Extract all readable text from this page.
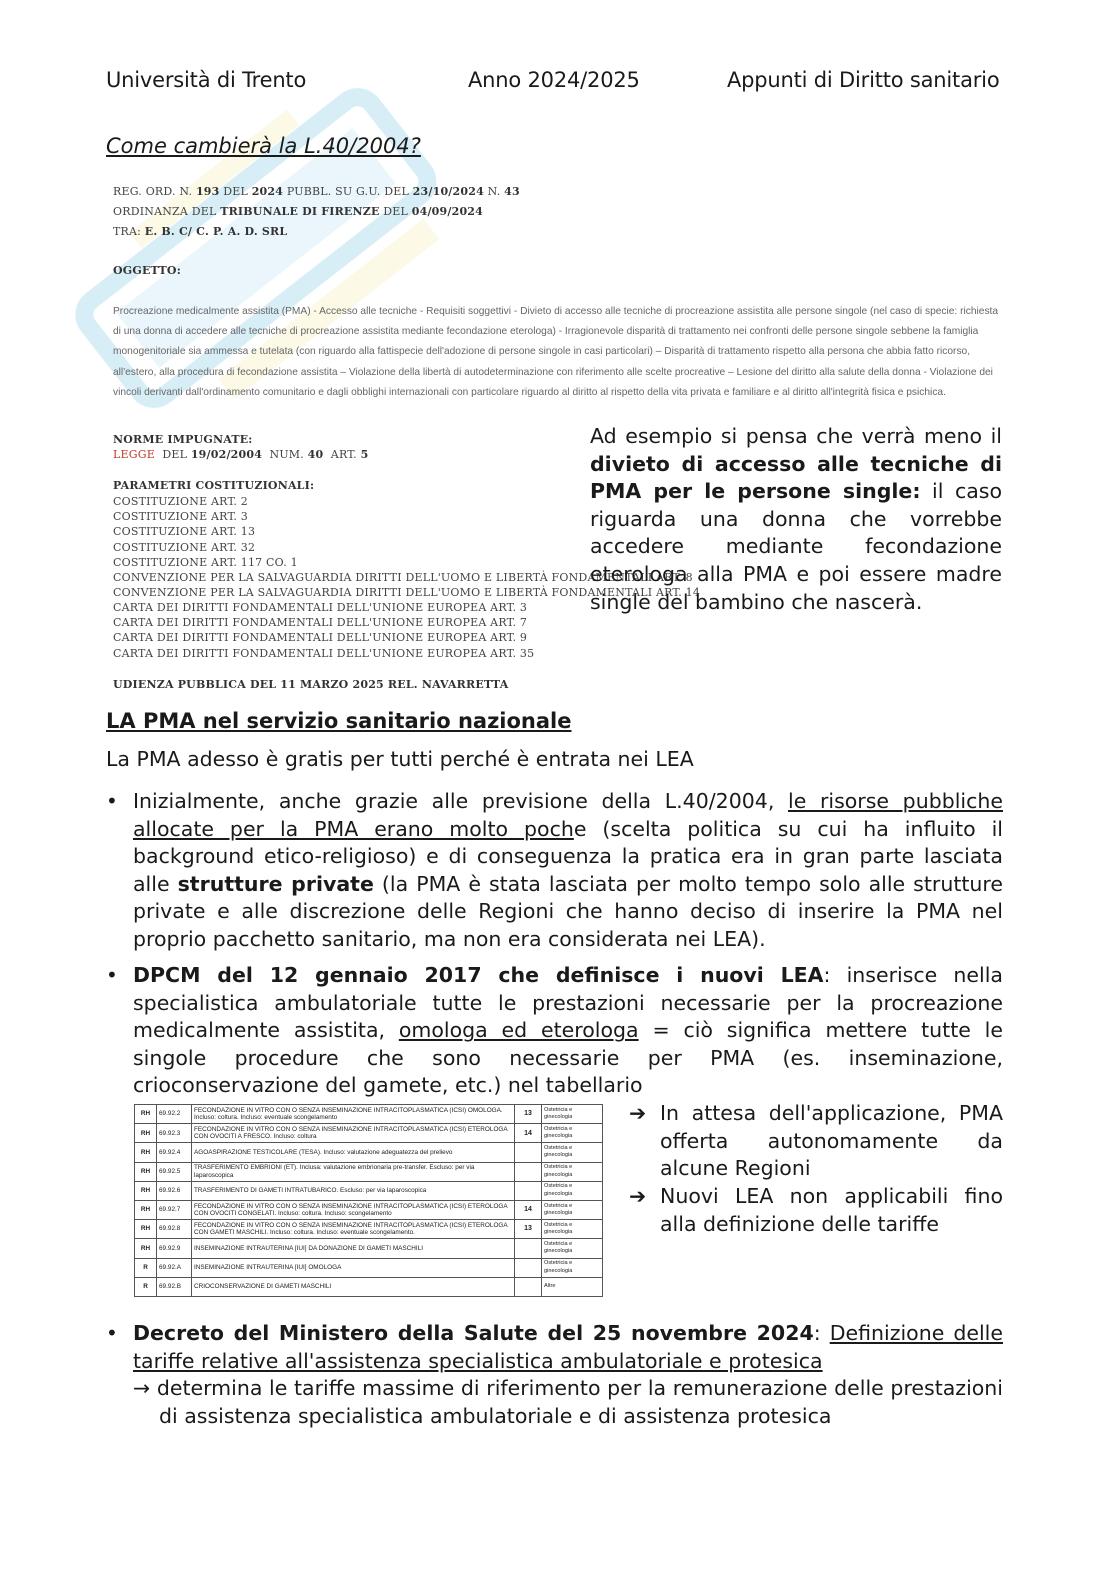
Università di Trento	Anno 2024/2025	Appunti di Diritto sanitario
Come cambierà la L.40/2004?
REG. ORD. N. 193 DEL 2024 PUBBL. SU G.U. DEL 23/10/2024 N. 43
ORDINANZA DEL TRIBUNALE DI FIRENZE DEL 04/09/2024
TRA: E. B. C/ C. P. A. D. SRL
OGGETTO:
Procreazione medicalmente assistita (PMA) - Accesso alle tecniche - Requisiti soggettivi - Divieto di accesso alle tecniche di procreazione assistita alle persone singole (nel caso di specie: richiesta di una donna di accedere alle tecniche di procreazione assistita mediante fecondazione eterologa) - Irragionevole disparità di trattamento nei confronti delle persone singole sebbene la famiglia monogenitoriale sia ammessa e tutelata (con riguardo alla fattispecie dell'adozione di persone singole in casi particolari) – Disparità di trattamento rispetto alla persona che abbia fatto ricorso, all'estero, alla procedura di fecondazione assistita – Violazione della libertà di autodeterminazione con riferimento alle scelte procreative – Lesione del diritto alla salute della donna - Violazione dei vincoli derivanti dall'ordinamento comunitario e dagli obblighi internazionali con particolare riguardo al diritto al rispetto della vita privata e familiare e al diritto all'integrità fisica e psichica.
NORME IMPUGNATE:
LEGGE DEL 19/02/2004 NUM. 40 ART. 5
PARAMETRI COSTITUZIONALI:
COSTITUZIONE ART. 2
COSTITUZIONE ART. 3
COSTITUZIONE ART. 13
COSTITUZIONE ART. 32
COSTITUZIONE ART. 117 CO. 1
CONVENZIONE PER LA SALVAGUARDIA DIRITTI DELL'UOMO E LIBERTÀ FONDAMENTALI ART. 8
CONVENZIONE PER LA SALVAGUARDIA DIRITTI DELL'UOMO E LIBERTÀ FONDAMENTALI ART. 14
CARTA DEI DIRITTI FONDAMENTALI DELL'UNIONE EUROPEA ART. 3
CARTA DEI DIRITTI FONDAMENTALI DELL'UNIONE EUROPEA ART. 7
CARTA DEI DIRITTI FONDAMENTALI DELL'UNIONE EUROPEA ART. 9
CARTA DEI DIRITTI FONDAMENTALI DELL'UNIONE EUROPEA ART. 35
UDIENZA PUBBLICA DEL 11 MARZO 2025 REL. NAVARRETTA
Ad esempio si pensa che verrà meno il divieto di accesso alle tecniche di PMA per le persone single: il caso riguarda una donna che vorrebbe accedere mediante fecondazione eterologa alla PMA e poi essere madre single del bambino che nascerà.
LA PMA nel servizio sanitario nazionale
La PMA adesso è gratis per tutti perché è entrata nei LEA
• Inizialmente, anche grazie alle previsione della L.40/2004, le risorse pubbliche allocate per la PMA erano molto poche (scelta politica su cui ha influito il background etico-religioso) e di conseguenza la pratica era in gran parte lasciata alle strutture private (la PMA è stata lasciata per molto tempo solo alle strutture private e alle discrezione delle Regioni che hanno deciso di inserire la PMA nel proprio pacchetto sanitario, ma non era considerata nei LEA).
• DPCM del 12 gennaio 2017 che definisce i nuovi LEA: inserisce nella specialistica ambulatoriale tutte le prestazioni necessarie per la procreazione medicalmente assistita, omologa ed eterologa = ciò significa mettere tutte le singole procedure che sono necessarie per PMA (es. inseminazione, crioconservazione del gamete, etc.) nel tabellario
RH	69.92.2	FECONDAZIONE IN VITRO CON O SENZA INSEMINAZIONE INTRACITOPLASMATICA (ICSI) OMOLOGA. Incluso: coltura. Incluso: eventuale scongelamento	13	Ostetricia e ginecologia
RH	69.92.3	FECONDAZIONE IN VITRO CON O SENZA INSEMINAZIONE INTRACITOPLASMATICA (ICSI) ETEROLOGA CON OVOCITI A FRESCO. Incluso: coltura	14	Ostetricia e ginecologia
RH	69.92.4	AGOASPIRAZIONE TESTICOLARE (TESA). Incluso: valutazione adeguatezza del prelievo		Ostetricia e ginecologia
RH	69.92.5	TRASFERIMENTO EMBRIONI (ET). Inclusa: valutazione embrionaria pre-transfer. Escluso: per via laparoscopica		Ostetricia e ginecologia
RH	69.92.6	TRASFERIMENTO DI GAMETI INTRATUBARICO. Escluso: per via laparoscopica		Ostetricia e ginecologia
RH	69.92.7	FECONDAZIONE IN VITRO CON O SENZA INSEMINAZIONE INTRACITOPLASMATICA (ICSI) ETEROLOGA CON OVOCITI CONGELATI. Incluso: coltura. Incluso: scongelamento	14	Ostetricia e ginecologia
RH	69.92.8	FECONDAZIONE IN VITRO CON O SENZA INSEMINAZIONE INTRACITOPLASMATICA (ICSI) ETEROLOGA CON GAMETI MASCHILI. Incluso: coltura. Incluso: eventuale scongelamento.	13	Ostetricia e ginecologia
RH	69.92.9	INSEMINAZIONE INTRAUTERINA [IUI] DA DONAZIONE DI GAMETI MASCHILI		Ostetricia e ginecologia
R	69.92.A	INSEMINAZIONE INTRAUTERINA [IUI] OMOLOGA		Ostetricia e ginecologia
R	69.92.B	CRIOCONSERVAZIONE DI GAMETI MASCHILI		Altre
➔ In attesa dell'applicazione, PMA offerta autonomamente da alcune Regioni
➔ Nuovi LEA non applicabili fino alla definizione delle tariffe
• Decreto del Ministero della Salute del 25 novembre 2024: Definizione delle tariffe relative all'assistenza specialistica ambulatoriale e protesica
→ determina le tariffe massime di riferimento per la remunerazione delle prestazioni di assistenza specialistica ambulatoriale e di assistenza protesica
